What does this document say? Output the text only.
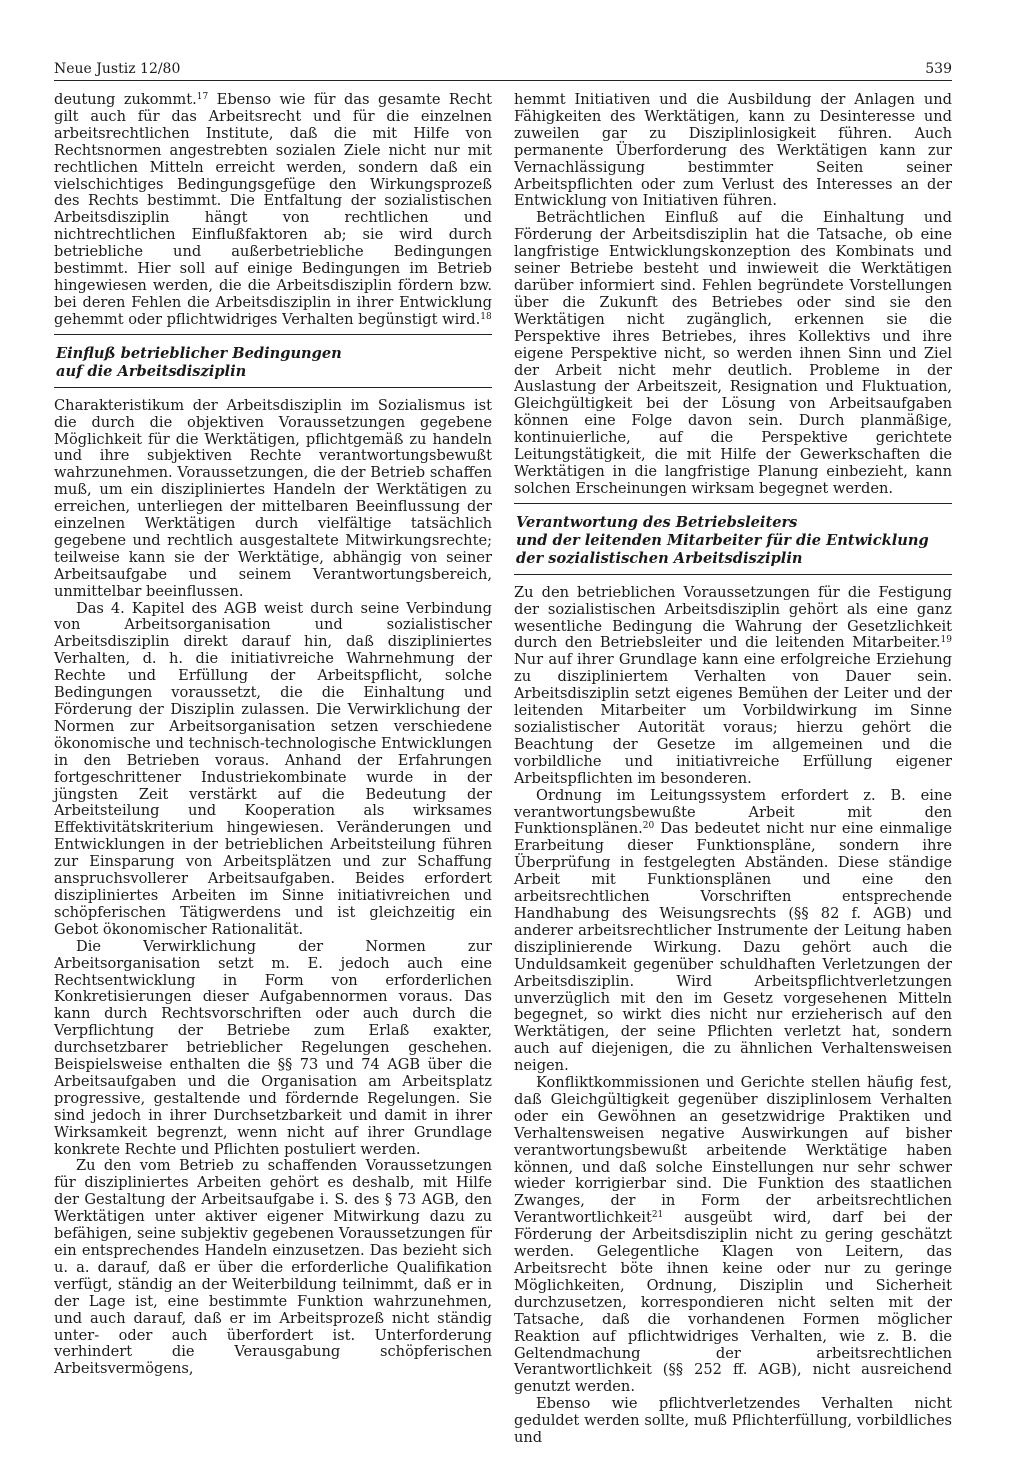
Neue Justiz 12/80	539

deutung zukommt.$^{17}$ Ebenso wie für das gesamte Recht gilt auch für das Arbeitsrecht und für die einzelnen arbeitsrechtlichen Institute, daß die mit Hilfe von Rechtsnormen angestrebten sozialen Ziele nicht nur mit rechtlichen Mitteln erreicht werden, sondern daß ein vielschichtiges Bedingungsgefüge den Wirkungsprozeß des Rechts bestimmt. Die Entfaltung der sozialistischen Arbeitsdisziplin hängt von rechtlichen und nichtrechtlichen Einflußfaktoren ab; sie wird durch betriebliche und außerbetriebliche Bedingungen bestimmt. Hier soll auf einige Bedingungen im Betrieb hingewiesen werden, die die Arbeitsdisziplin fördern bzw. bei deren Fehlen die Arbeitsdisziplin in ihrer Entwicklung gehemmt oder pflichtwidriges Verhalten begünstigt wird.$^{18}$

Einfluß betrieblicher Bedingungen
auf die Arbeitsdisziplin

Charakteristikum der Arbeitsdisziplin im Sozialismus ist die durch die objektiven Voraussetzungen gegebene Möglichkeit für die Werktätigen, pflichtgemäß zu handeln und ihre subjektiven Rechte verantwortungsbewußt wahrzunehmen. Voraussetzungen, die der Betrieb schaffen muß, um ein diszipliniertes Handeln der Werktätigen zu erreichen, unterliegen der mittelbaren Beeinflussung der einzelnen Werktätigen durch vielfältige tatsächlich gegebene und rechtlich ausgestaltete Mitwirkungsrechte; teilweise kann sie der Werktätige, abhängig von seiner Arbeitsaufgabe und seinem Verantwortungsbereich, unmittelbar beeinflussen.

Das 4. Kapitel des AGB weist durch seine Verbindung von Arbeitsorganisation und sozialistischer Arbeitsdisziplin direkt darauf hin, daß diszipliniertes Verhalten, d. h. die initiativreiche Wahrnehmung der Rechte und Erfüllung der Arbeitspflicht, solche Bedingungen voraussetzt, die die Einhaltung und Förderung der Disziplin zulassen. Die Verwirklichung der Normen zur Arbeitsorganisation setzen verschiedene ökonomische und technisch-technologische Entwicklungen in den Betrieben voraus. Anhand der Erfahrungen fortgeschrittener Industriekombinate wurde in der jüngsten Zeit verstärkt auf die Bedeutung der Arbeitsteilung und Kooperation als wirksames Effektivitätskriterium hingewiesen. Veränderungen und Entwicklungen in der betrieblichen Arbeitsteilung führen zur Einsparung von Arbeitsplätzen und zur Schaffung anspruchsvollerer Arbeitsaufgaben. Beides erfordert diszipliniertes Arbeiten im Sinne initiativreichen und schöpferischen Tätigwerdens und ist gleichzeitig ein Gebot ökonomischer Rationalität.

Die Verwirklichung der Normen zur Arbeitsorganisation setzt m. E. jedoch auch eine Rechtsentwicklung in Form von erforderlichen Konkretisierungen dieser Aufgabennormen voraus. Das kann durch Rechtsvorschriften oder auch durch die Verpflichtung der Betriebe zum Erlaß exakter, durchsetzbarer betrieblicher Regelungen geschehen. Beispielsweise enthalten die §§ 73 und 74 AGB über die Arbeitsaufgaben und die Organisation am Arbeitsplatz progressive, gestaltende und fördernde Regelungen. Sie sind jedoch in ihrer Durchsetzbarkeit und damit in ihrer Wirksamkeit begrenzt, wenn nicht auf ihrer Grundlage konkrete Rechte und Pflichten postuliert werden.

Zu den vom Betrieb zu schaffenden Voraussetzungen für diszipliniertes Arbeiten gehört es deshalb, mit Hilfe der Gestaltung der Arbeitsaufgabe i. S. des § 73 AGB, den Werktätigen unter aktiver eigener Mitwirkung dazu zu befähigen, seine subjektiv gegebenen Voraussetzungen für ein entsprechendes Handeln einzusetzen. Das bezieht sich u. a. darauf, daß er über die erforderliche Qualifikation verfügt, ständig an der Weiterbildung teilnimmt, daß er in der Lage ist, eine bestimmte Funktion wahrzunehmen, und auch darauf, daß er im Arbeitsprozeß nicht ständig unter- oder auch überfordert ist. Unterforderung verhindert die Verausgabung schöpferischen Arbeitsvermögens,

hemmt Initiativen und die Ausbildung der Anlagen und Fähigkeiten des Werktätigen, kann zu Desinteresse und zuweilen gar zu Disziplinlosigkeit führen. Auch permanente Überforderung des Werktätigen kann zur Vernachlässigung bestimmter Seiten seiner Arbeitspflichten oder zum Verlust des Interesses an der Entwicklung von Initiativen führen.

Beträchtlichen Einfluß auf die Einhaltung und Förderung der Arbeitsdisziplin hat die Tatsache, ob eine langfristige Entwicklungskonzeption des Kombinats und seiner Betriebe besteht und inwieweit die Werktätigen darüber informiert sind. Fehlen begründete Vorstellungen über die Zukunft des Betriebes oder sind sie den Werktätigen nicht zugänglich, erkennen sie die Perspektive ihres Betriebes, ihres Kollektivs und ihre eigene Perspektive nicht, so werden ihnen Sinn und Ziel der Arbeit nicht mehr deutlich. Probleme in der Auslastung der Arbeitszeit, Resignation und Fluktuation, Gleichgültigkeit bei der Lösung von Arbeitsaufgaben können eine Folge davon sein. Durch planmäßige, kontinuierliche, auf die Perspektive gerichtete Leitungstätigkeit, die mit Hilfe der Gewerkschaften die Werktätigen in die langfristige Planung einbezieht, kann solchen Erscheinungen wirksam begegnet werden.

Verantwortung des Betriebsleiters
und der leitenden Mitarbeiter für die Entwicklung
der sozialistischen Arbeitsdisziplin

Zu den betrieblichen Voraussetzungen für die Festigung der sozialistischen Arbeitsdisziplin gehört als eine ganz wesentliche Bedingung die Wahrung der Gesetzlichkeit durch den Betriebsleiter und die leitenden Mitarbeiter.$^{19}$ Nur auf ihrer Grundlage kann eine erfolgreiche Erziehung zu diszipliniertem Verhalten von Dauer sein. Arbeitsdisziplin setzt eigenes Bemühen der Leiter und der leitenden Mitarbeiter um Vorbildwirkung im Sinne sozialistischer Autorität voraus; hierzu gehört die Beachtung der Gesetze im allgemeinen und die vorbildliche und initiativreiche Erfüllung eigener Arbeitspflichten im besonderen.

Ordnung im Leitungssystem erfordert z. B. eine verantwortungsbewußte Arbeit mit den Funktionsplänen.$^{20}$ Das bedeutet nicht nur eine einmalige Erarbeitung dieser Funktionspläne, sondern ihre Überprüfung in festgelegten Abständen. Diese ständige Arbeit mit Funktionsplänen und eine den arbeitsrechtlichen Vorschriften entsprechende Handhabung des Weisungsrechts (§§ 82 f. AGB) und anderer arbeitsrechtlicher Instrumente der Leitung haben disziplinierende Wirkung. Dazu gehört auch die Unduldsamkeit gegenüber schuldhaften Verletzungen der Arbeitsdisziplin. Wird Arbeitspflichtverletzungen unverzüglich mit den im Gesetz vorgesehenen Mitteln begegnet, so wirkt dies nicht nur erzieherisch auf den Werktätigen, der seine Pflichten verletzt hat, sondern auch auf diejenigen, die zu ähnlichen Verhaltensweisen neigen.

Konfliktkommissionen und Gerichte stellen häufig fest, daß Gleichgültigkeit gegenüber disziplinlosem Verhalten oder ein Gewöhnen an gesetzwidrige Praktiken und Verhaltensweisen negative Auswirkungen auf bisher verantwortungsbewußt arbeitende Werktätige haben können, und daß solche Einstellungen nur sehr schwer wieder korrigierbar sind. Die Funktion des staatlichen Zwanges, der in Form der arbeitsrechtlichen Verantwortlichkeit$^{21}$ ausgeübt wird, darf bei der Förderung der Arbeitsdisziplin nicht zu gering geschätzt werden. Gelegentliche Klagen von Leitern, das Arbeitsrecht böte ihnen keine oder nur zu geringe Möglichkeiten, Ordnung, Disziplin und Sicherheit durchzusetzen, korrespondieren nicht selten mit der Tatsache, daß die vorhandenen Formen möglicher Reaktion auf pflichtwidriges Verhalten, wie z. B. die Geltendmachung der arbeitsrechtlichen Verantwortlichkeit (§§ 252 ff. AGB), nicht ausreichend genutzt werden.

Ebenso wie pflichtverletzendes Verhalten nicht geduldet werden sollte, muß Pflichterfüllung, vorbildliches und
